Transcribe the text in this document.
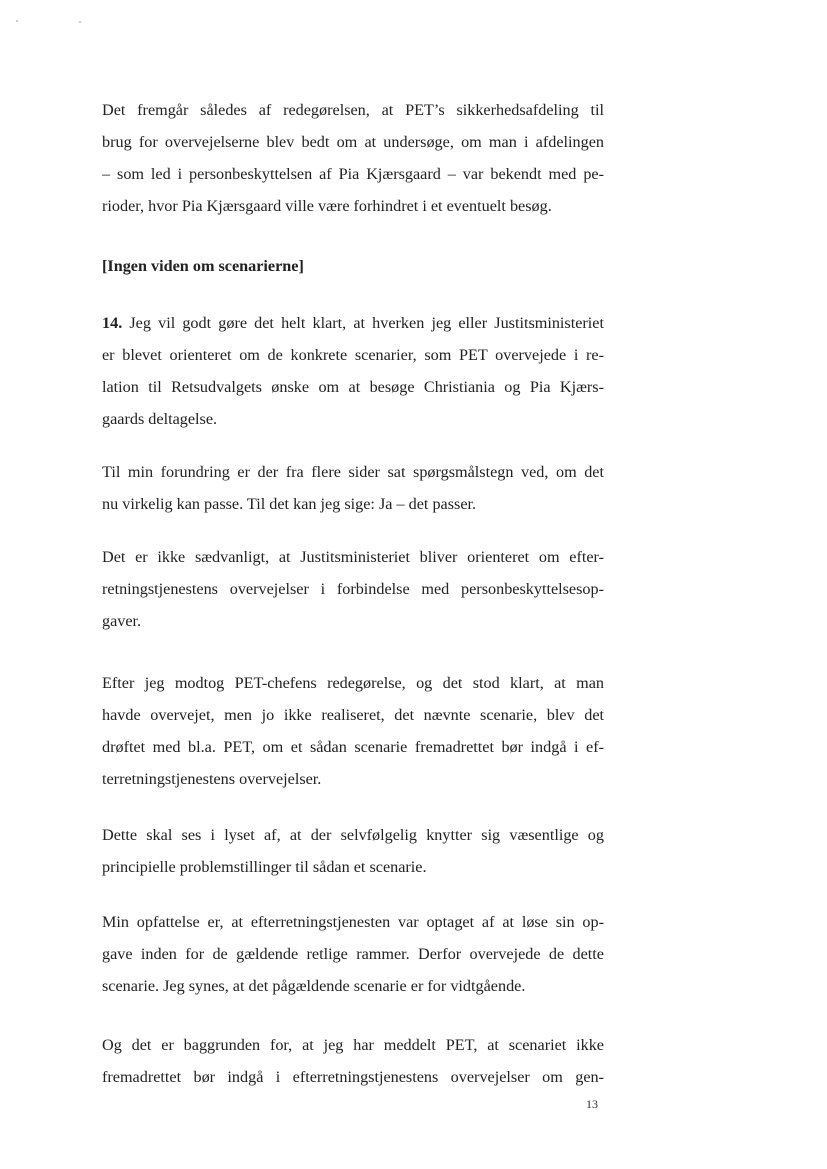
Det fremgår således af redegørelsen, at PET’s sikkerhedsafdeling til
brug for overvejelserne blev bedt om at undersøge, om man i afdelingen
– som led i personbeskyttelsen af Pia Kjærsgaard – var bekendt med pe-
rioder, hvor Pia Kjærsgaard ville være forhindret i et eventuelt besøg.
[Ingen viden om scenarierne]
14. Jeg vil godt gøre det helt klart, at hverken jeg eller Justitsministeriet
er blevet orienteret om de konkrete scenarier, som PET overvejede i re-
lation til Retsudvalgets ønske om at besøge Christiania og Pia Kjærs-
gaards deltagelse.
Til min forundring er der fra flere sider sat spørgsmålstegn ved, om det
nu virkelig kan passe. Til det kan jeg sige: Ja – det passer.
Det er ikke sædvanligt, at Justitsministeriet bliver orienteret om efter-
retningstjenestens overvejelser i forbindelse med personbeskyttelsesop-
gaver.
Efter jeg modtog PET-chefens redegørelse, og det stod klart, at man
havde overvejet, men jo ikke realiseret, det nævnte scenarie, blev det
drøftet med bl.a. PET, om et sådan scenarie fremadrettet bør indgå i ef-
terretningstjenestens overvejelser.
Dette skal ses i lyset af, at der selvfølgelig knytter sig væsentlige og
principielle problemstillinger til sådan et scenarie.
Min opfattelse er, at efterretningstjenesten var optaget af at løse sin op-
gave inden for de gældende retlige rammer. Derfor overvejede de dette
scenarie. Jeg synes, at det pågældende scenarie er for vidtgående.
Og det er baggrunden for, at jeg har meddelt PET, at scenariet ikke
fremadrettet bør indgå i efterretningstjenestens overvejelser om gen-
13
